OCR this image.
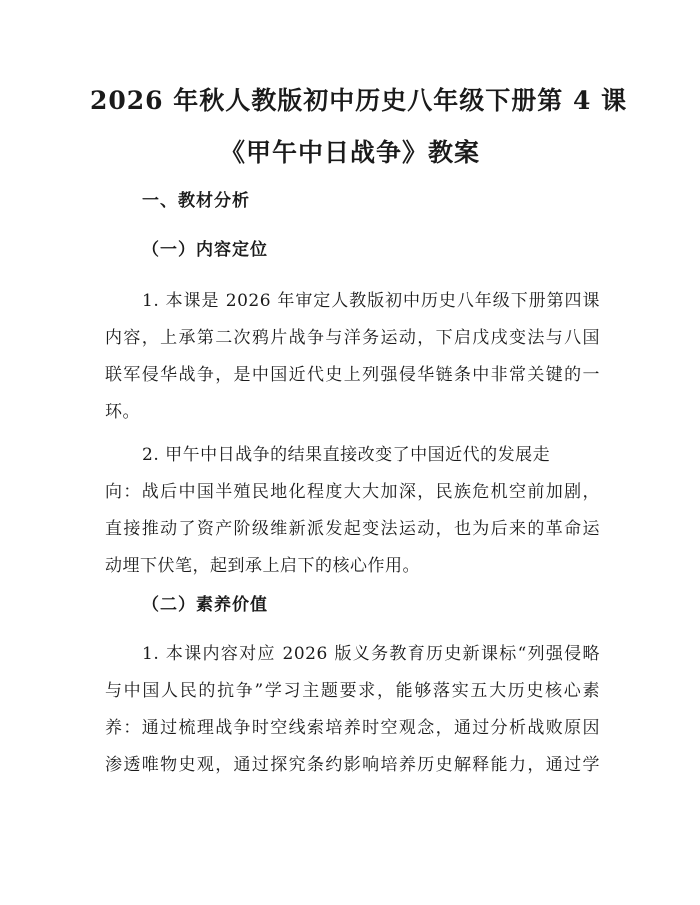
2026 年秋人教版初中历史八年级下册第 4 课
《甲午中日战争》教案
一、教材分析
（一）内容定位

1. 本课是 2026 年审定人教版初中历史八年级下册第四课
内容，上承第二次鸦片战争与洋务运动，下启戊戌变法与八国
联军侵华战争，是中国近代史上列强侵华链条中非常关键的一
环。

2. 甲午中日战争的结果直接改变了中国近代的发展走
向：战后中国半殖民地化程度大大加深，民族危机空前加剧，
直接推动了资产阶级维新派发起变法运动，也为后来的革命运
动埋下伏笔，起到承上启下的核心作用。

（二）素养价值

1. 本课内容对应 2026 版义务教育历史新课标“列强侵略
与中国人民的抗争”学习主题要求，能够落实五大历史核心素
养：通过梳理战争时空线索培养时空观念，通过分析战败原因
渗透唯物史观，通过探究条约影响培养历史解释能力，通过学
